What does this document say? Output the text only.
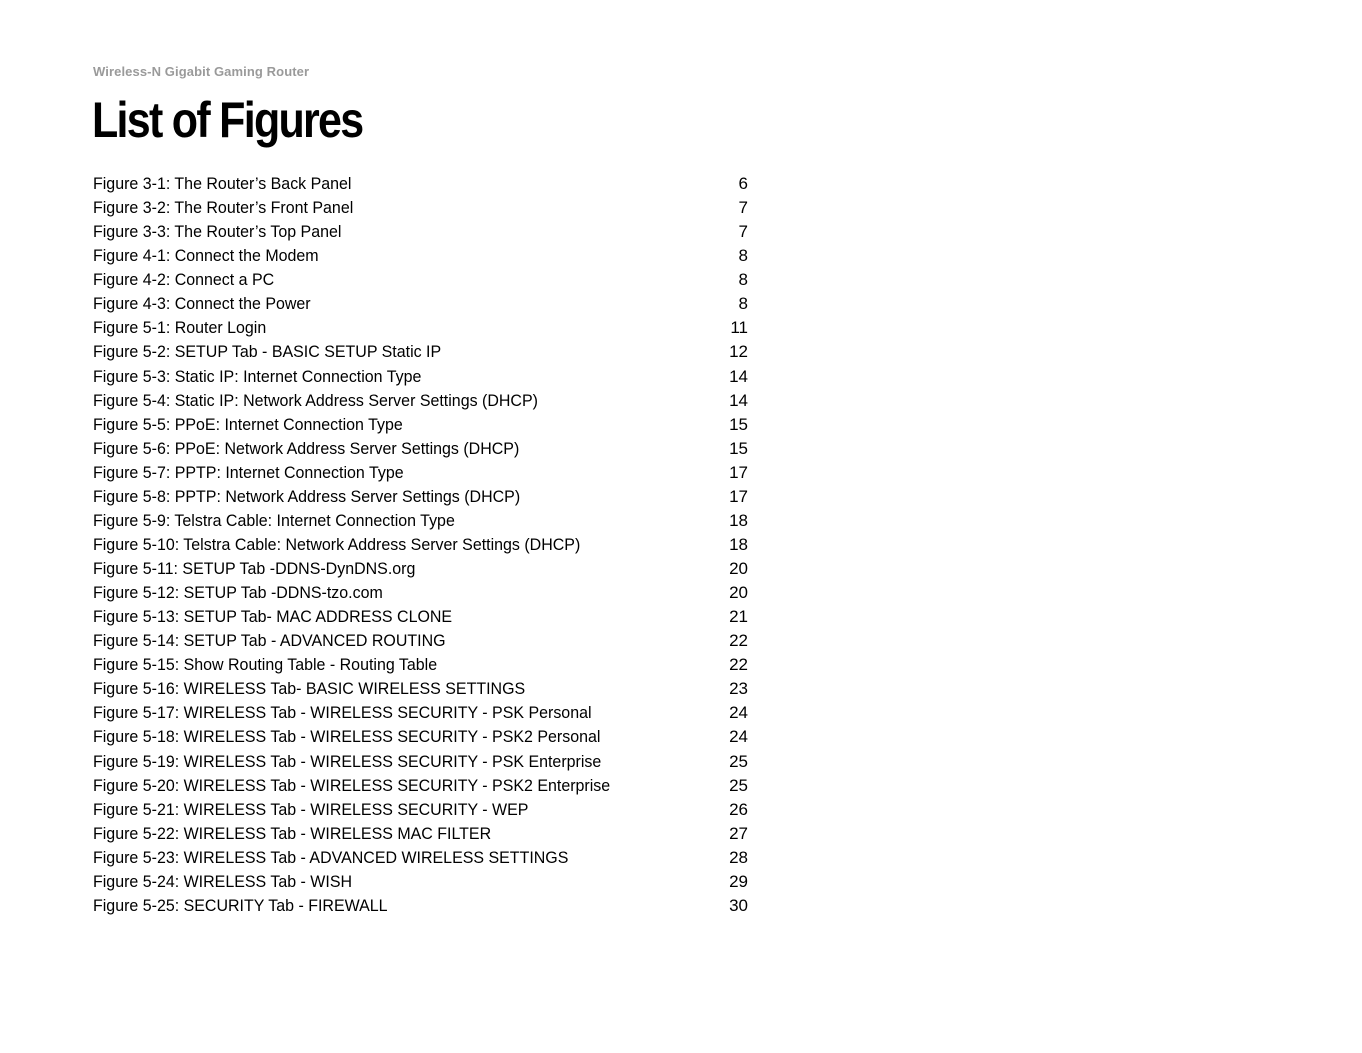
Wireless-N Gigabit Gaming Router
List of Figures
Figure 3-1: The Router’s Back Panel	6
Figure 3-2: The Router’s Front Panel	7
Figure 3-3: The Router’s Top Panel	7
Figure 4-1: Connect the Modem	8
Figure 4-2: Connect a PC	8
Figure 4-3: Connect the Power	8
Figure 5-1: Router Login	11
Figure 5-2: SETUP Tab - BASIC SETUP Static IP	12
Figure 5-3: Static IP: Internet Connection Type	14
Figure 5-4: Static IP: Network Address Server Settings (DHCP)	14
Figure 5-5: PPoE: Internet Connection Type	15
Figure 5-6: PPoE: Network Address Server Settings (DHCP)	15
Figure 5-7: PPTP: Internet Connection Type	17
Figure 5-8: PPTP: Network Address Server Settings (DHCP)	17
Figure 5-9: Telstra Cable: Internet Connection Type	18
Figure 5-10: Telstra Cable: Network Address Server Settings (DHCP)	18
Figure 5-11: SETUP Tab -DDNS-DynDNS.org	20
Figure 5-12: SETUP Tab -DDNS-tzo.com	20
Figure 5-13: SETUP Tab- MAC ADDRESS CLONE	21
Figure 5-14: SETUP Tab - ADVANCED ROUTING	22
Figure 5-15: Show Routing Table - Routing Table	22
Figure 5-16: WIRELESS Tab- BASIC WIRELESS SETTINGS	23
Figure 5-17: WIRELESS Tab - WIRELESS SECURITY - PSK Personal	24
Figure 5-18: WIRELESS Tab - WIRELESS SECURITY - PSK2 Personal	24
Figure 5-19: WIRELESS Tab - WIRELESS SECURITY - PSK Enterprise	25
Figure 5-20: WIRELESS Tab - WIRELESS SECURITY - PSK2 Enterprise	25
Figure 5-21: WIRELESS Tab - WIRELESS SECURITY - WEP	26
Figure 5-22: WIRELESS Tab - WIRELESS MAC FILTER	27
Figure 5-23: WIRELESS Tab - ADVANCED WIRELESS SETTINGS	28
Figure 5-24: WIRELESS Tab - WISH	29
Figure 5-25: SECURITY Tab - FIREWALL	30
